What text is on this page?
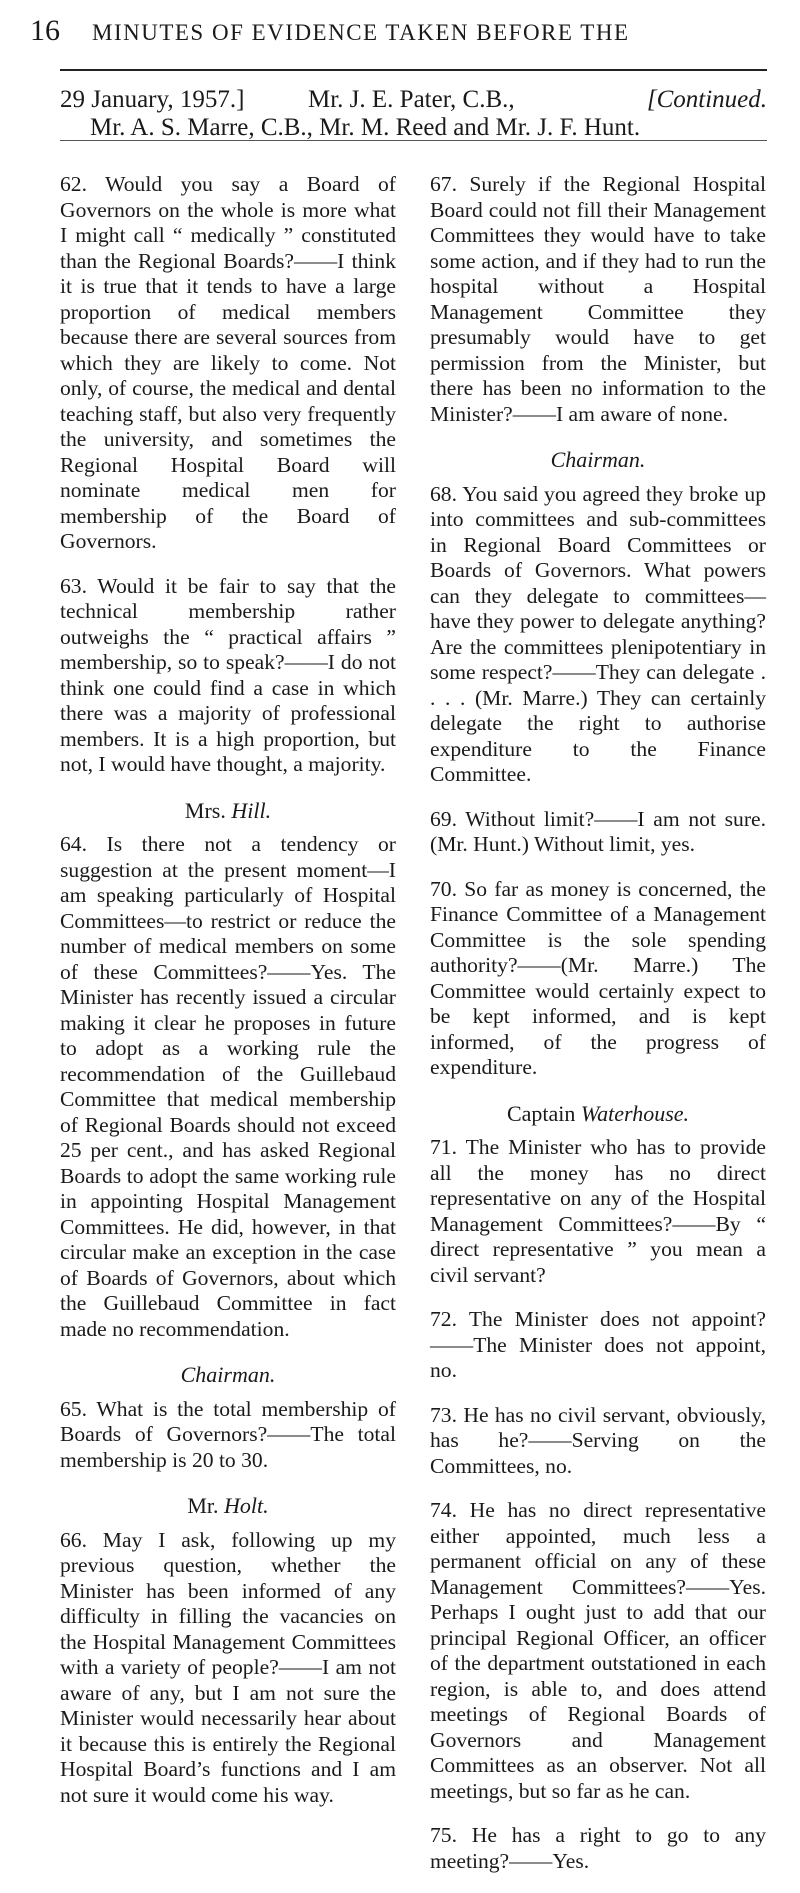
16 MINUTES OF EVIDENCE TAKEN BEFORE THE
29 January, 1957.]	Mr. J. E. Pater, C.B.,	[Continued.
Mr. A. S. Marre, C.B., Mr. M. Reed and Mr. J. F. Hunt.

62. Would you say a Board of Governors on the whole is more what I might call “ medically ” constituted than the Regional Boards?——I think it is true that it tends to have a large proportion of medical members because there are several sources from which they are likely to come. Not only, of course, the medical and dental teaching staff, but also very frequently the university, and sometimes the Regional Hospital Board will nominate medical men for membership of the Board of Governors.

63. Would it be fair to say that the technical membership rather outweighs the “ practical affairs ” membership, so to speak?——I do not think one could find a case in which there was a majority of professional members. It is a high proportion, but not, I would have thought, a majority.

Mrs. Hill.

64. Is there not a tendency or suggestion at the present moment—I am speaking particularly of Hospital Committees—to restrict or reduce the number of medical members on some of these Committees?——Yes. The Minister has recently issued a circular making it clear he proposes in future to adopt as a working rule the recommendation of the Guillebaud Committee that medical membership of Regional Boards should not exceed 25 per cent., and has asked Regional Boards to adopt the same working rule in appointing Hospital Management Committees. He did, however, in that circular make an exception in the case of Boards of Governors, about which the Guillebaud Committee in fact made no recommendation.

Chairman.

65. What is the total membership of Boards of Governors?——The total membership is 20 to 30.

Mr. Holt.

66. May I ask, following up my previous question, whether the Minister has been informed of any difficulty in filling the vacancies on the Hospital Management Committees with a variety of people?——I am not aware of any, but I am not sure the Minister would necessarily hear about it because this is entirely the Regional Hospital Board’s functions and I am not sure it would come his way.

67. Surely if the Regional Hospital Board could not fill their Management Committees they would have to take some action, and if they had to run the hospital without a Hospital Management Committee they presumably would have to get permission from the Minister, but there has been no information to the Minister?——I am aware of none.

Chairman.

68. You said you agreed they broke up into committees and sub-committees in Regional Board Committees or Boards of Governors. What powers can they delegate to committees—have they power to delegate anything? Are the committees plenipotentiary in some respect?——They can delegate . . . . (Mr. Marre.) They can certainly delegate the right to authorise expenditure to the Finance Committee.

69. Without limit?——I am not sure. (Mr. Hunt.) Without limit, yes.

70. So far as money is concerned, the Finance Committee of a Management Committee is the sole spending authority?——(Mr. Marre.) The Committee would certainly expect to be kept informed, and is kept informed, of the progress of expenditure.

Captain Waterhouse.

71. The Minister who has to provide all the money has no direct representative on any of the Hospital Management Committees?——By “ direct representative ” you mean a civil servant?

72. The Minister does not appoint? ——The Minister does not appoint, no.

73. He has no civil servant, obviously, has he?——Serving on the Committees, no.

74. He has no direct representative either appointed, much less a permanent official on any of these Management Committees?——Yes. Perhaps I ought just to add that our principal Regional Officer, an officer of the department outstationed in each region, is able to, and does attend meetings of Regional Boards of Governors and Management Committees as an observer. Not all meetings, but so far as he can.

75. He has a right to go to any meeting?——Yes.
